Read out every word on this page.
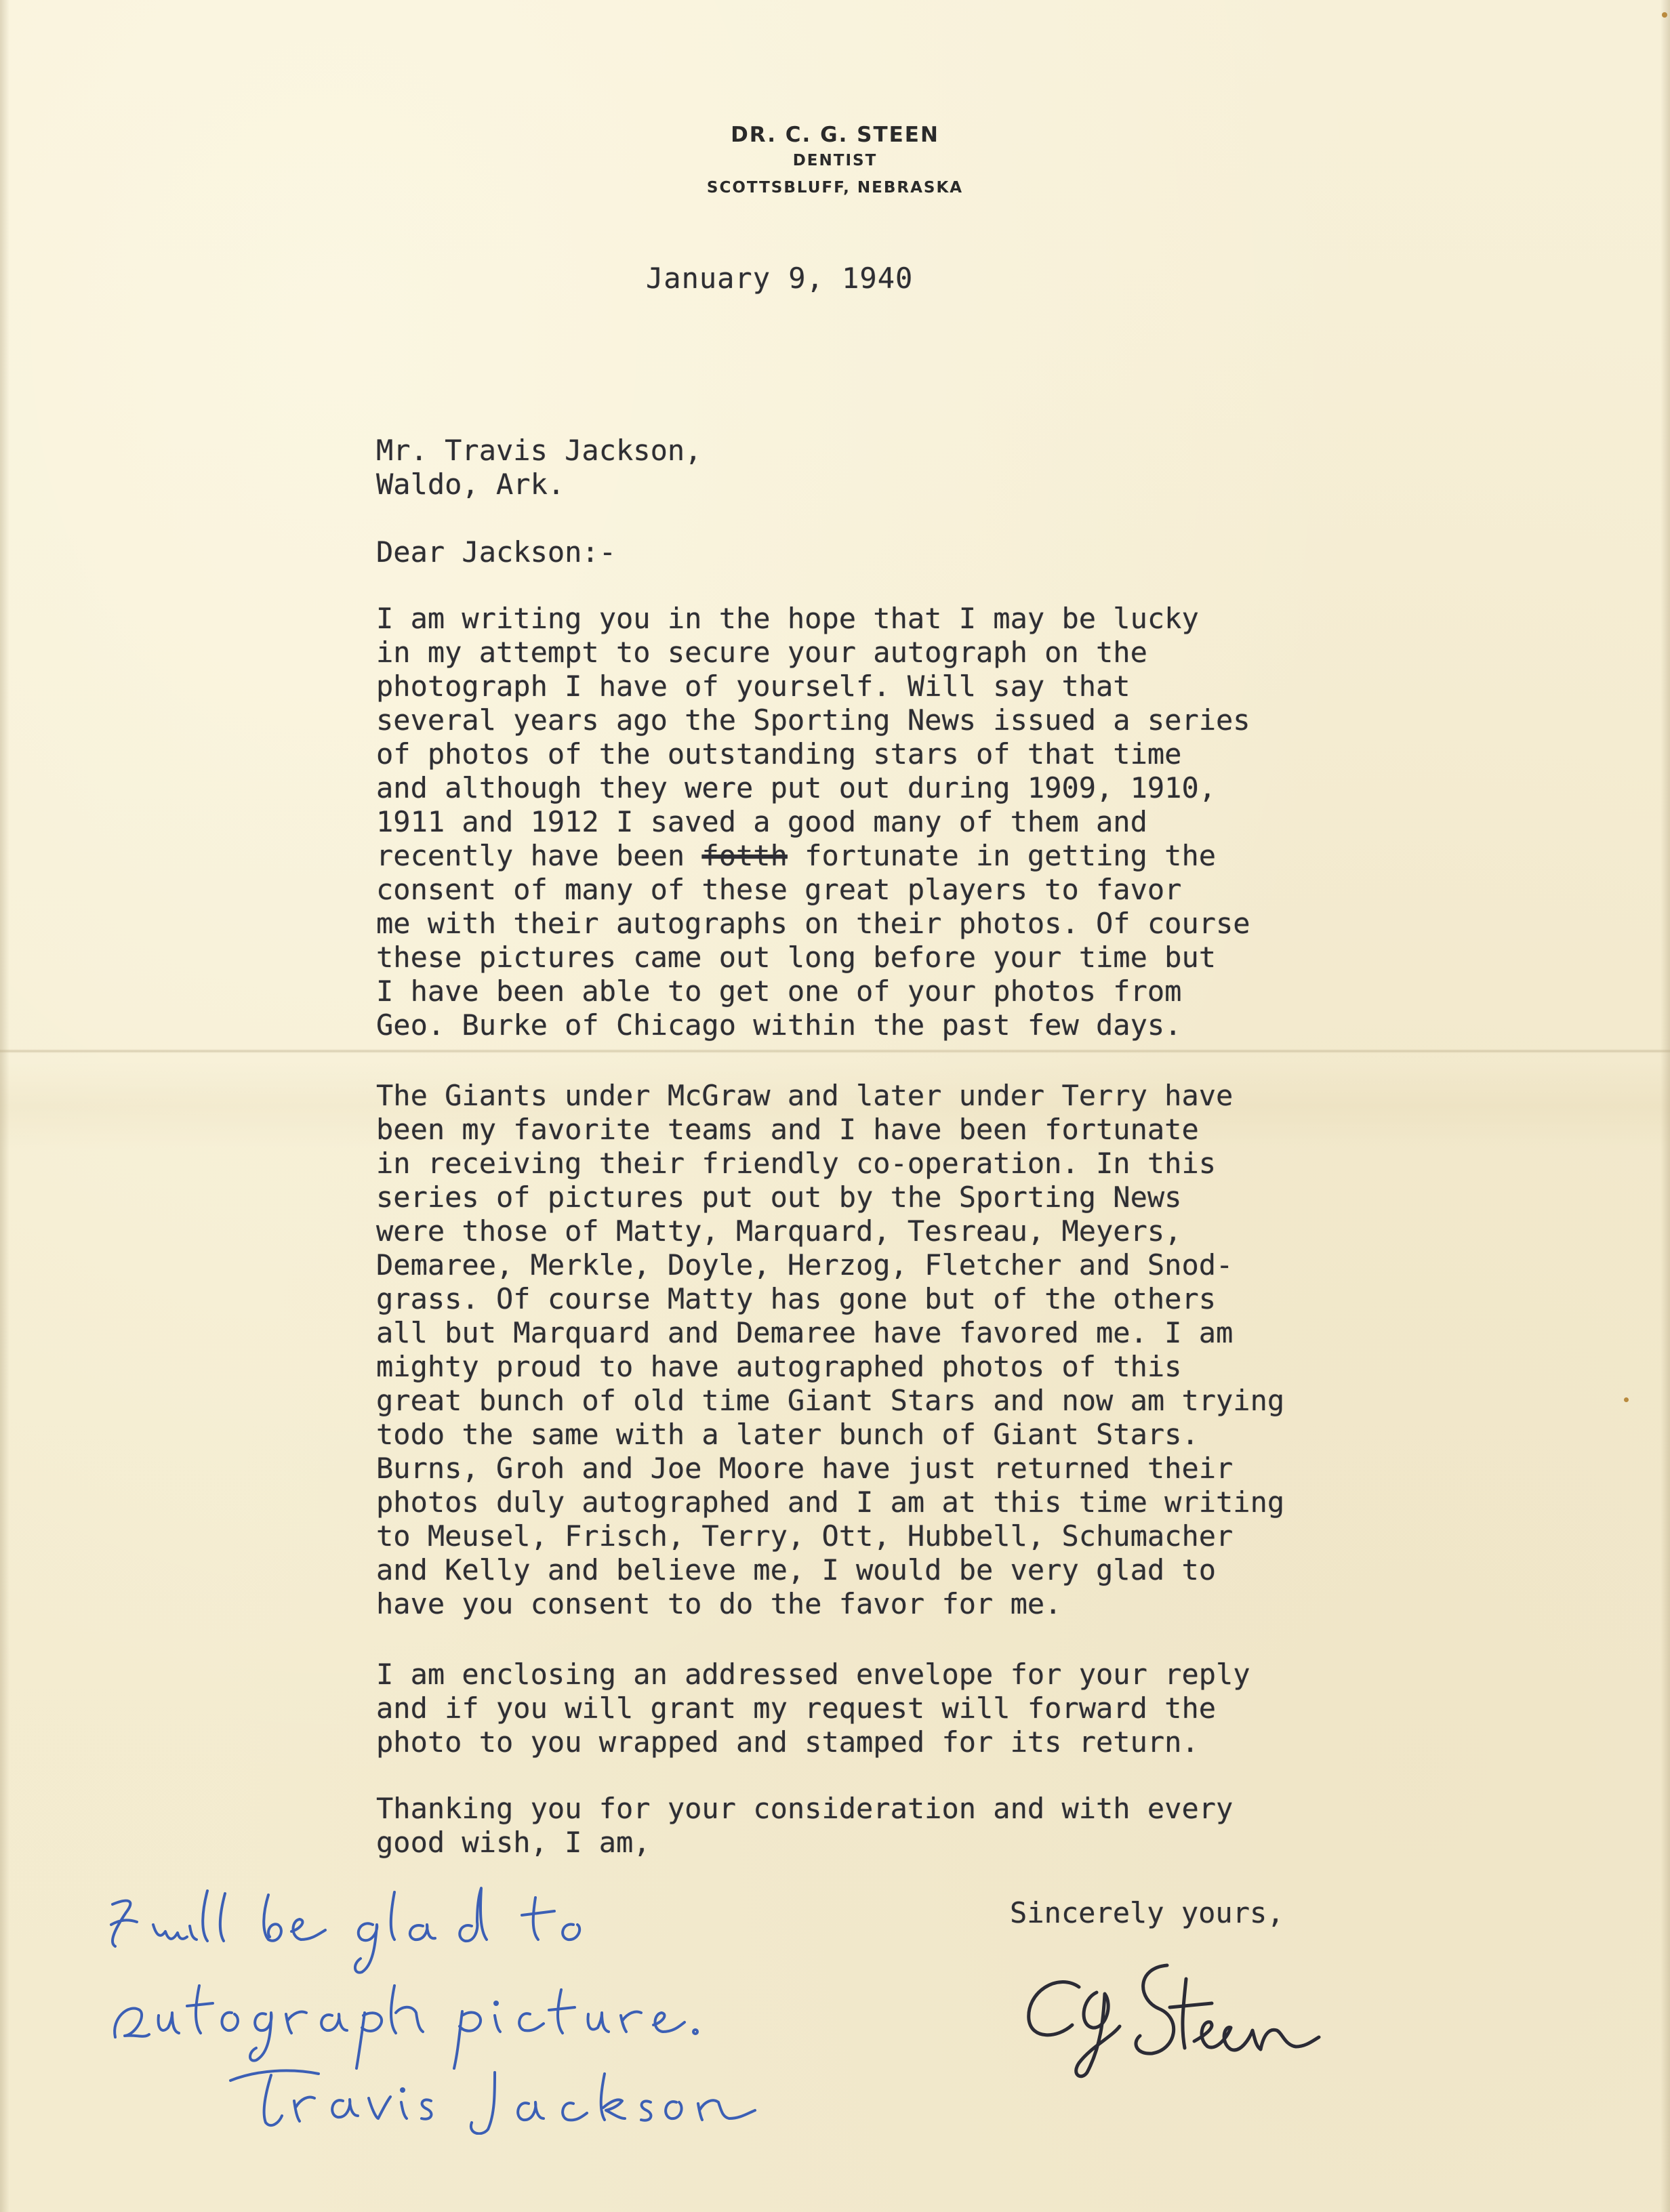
DR. C. G. STEEN
DENTIST
SCOTTSBLUFF, NEBRASKA
January 9, 1940
Mr. Travis Jackson,
Waldo, Ark.
Dear Jackson:-
I am writing you in the hope that I may be lucky
in my attempt to secure your autograph on the
photograph I have of yourself. Will say that
several years ago the Sporting News issued a series
of photos of the outstanding stars of that time
and although they were put out during 1909, 1910,
1911 and 1912 I saved a good many of them and
recently have been fotth fortunate in getting the
consent of many of these great players to favor
me with their autographs on their photos. Of course
these pictures came out long before your time but
I have been able to get one of your photos from
Geo. Burke of Chicago within the past few days.
The Giants under McGraw and later under Terry have
been my favorite teams and I have been fortunate
in receiving their friendly co-operation. In this
series of pictures put out by the Sporting News
were those of Matty, Marquard, Tesreau, Meyers,
Demaree, Merkle, Doyle, Herzog, Fletcher and Snod-
grass. Of course Matty has gone but of the others
all but Marquard and Demaree have favored me. I am
mighty proud to have autographed photos of this
great bunch of old time Giant Stars and now am trying
todo the same with a later bunch of Giant Stars.
Burns, Groh and Joe Moore have just returned their
photos duly autographed and I am at this time writing
to Meusel, Frisch, Terry, Ott, Hubbell, Schumacher
and Kelly and believe me, I would be very glad to
have you consent to do the favor for me.
I am enclosing an addressed envelope for your reply
and if you will grant my request will forward the
photo to you wrapped and stamped for its return.
Thanking you for your consideration and with every
good wish, I am,
Sincerely yours,
